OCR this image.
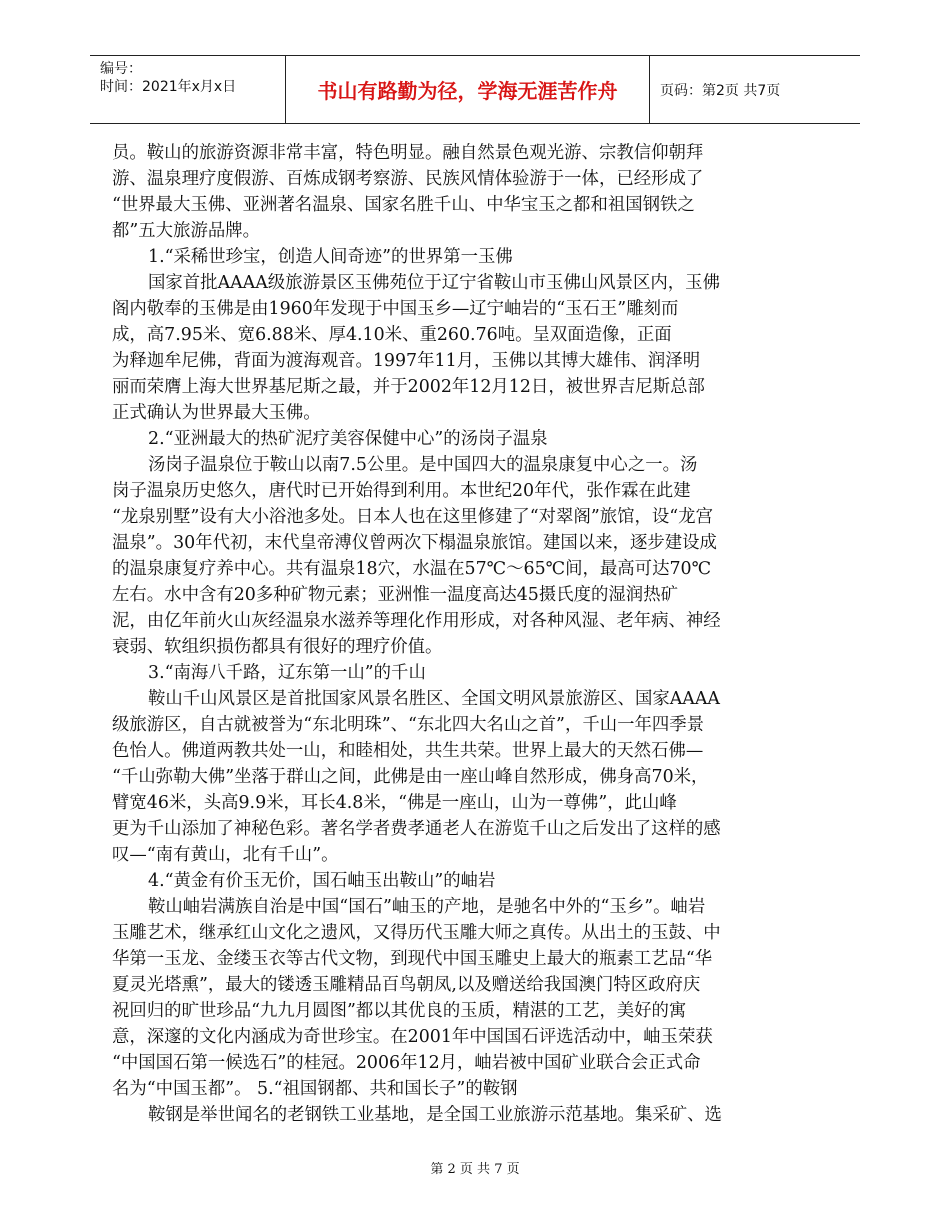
编号：
时间：2021年x月x日	书山有路勤为径，学海无涯苦作舟	页码：第2页 共7页

员。鞍山的旅游资源非常丰富，特色明显。融自然景色观光游、宗教信仰朝拜

游、温泉理疗度假游、百炼成钢考察游、民族风情体验游于一体，已经形成了

“世界最大玉佛、亚洲著名温泉、国家名胜千山、中华宝玉之都和祖国钢铁之

都”五大旅游品牌。

1.“采稀世珍宝，创造人间奇迹”的世界第一玉佛

国家首批AAAA级旅游景区玉佛苑位于辽宁省鞍山市玉佛山风景区内，玉佛

阁内敬奉的玉佛是由1960年发现于中国玉乡—辽宁岫岩的“玉石王”雕刻而

成，高7.95米、宽6.88米、厚4.10米、重260.76吨。呈双面造像，正面

为释迦牟尼佛，背面为渡海观音。1997年11月，玉佛以其博大雄伟、润泽明

丽而荣膺上海大世界基尼斯之最，并于2002年12月12日，被世界吉尼斯总部

正式确认为世界最大玉佛。

2.“亚洲最大的热矿泥疗美容保健中心”的汤岗子温泉

汤岗子温泉位于鞍山以南7.5公里。是中国四大的温泉康复中心之一。汤

岗子温泉历史悠久，唐代时已开始得到利用。本世纪20年代，张作霖在此建

“龙泉别墅”设有大小浴池多处。日本人也在这里修建了“对翠阁”旅馆，设“龙宫

温泉”。30年代初，末代皇帝溥仪曾两次下榻温泉旅馆。建国以来，逐步建设成

的温泉康复疗养中心。共有温泉18穴，水温在57℃～65℃间，最高可达70℃

左右。水中含有20多种矿物元素；亚洲惟一温度高达45摄氏度的湿润热矿

泥，由亿年前火山灰经温泉水滋养等理化作用形成，对各种风湿、老年病、神经

衰弱、软组织损伤都具有很好的理疗价值。

3.“南海八千路，辽东第一山”的千山

鞍山千山风景区是首批国家风景名胜区、全国文明风景旅游区、国家AAAA

级旅游区，自古就被誉为“东北明珠”、“东北四大名山之首”，千山一年四季景

色怡人。佛道两教共处一山，和睦相处，共生共荣。世界上最大的天然石佛—

“千山弥勒大佛”坐落于群山之间，此佛是由一座山峰自然形成，佛身高70米，

臂宽46米，头高9.9米，耳长4.8米，“佛是一座山，山为一尊佛”，此山峰

更为千山添加了神秘色彩。著名学者费孝通老人在游览千山之后发出了这样的感

叹—“南有黄山，北有千山”。

4.“黄金有价玉无价，国石岫玉出鞍山”的岫岩

鞍山岫岩满族自治是中国“国石”岫玉的产地，是驰名中外的“玉乡”。岫岩

玉雕艺术，继承红山文化之遗风，又得历代玉雕大师之真传。从出土的玉鼓、中

华第一玉龙、金缕玉衣等古代文物，到现代中国玉雕史上最大的瓶素工艺品“华

夏灵光塔熏”，最大的镂透玉雕精品百鸟朝凤,以及赠送给我国澳门特区政府庆

祝回归的旷世珍品“九九月圆图”都以其优良的玉质，精湛的工艺，美好的寓

意，深邃的文化内涵成为奇世珍宝。在2001年中国国石评选活动中，岫玉荣获

“中国国石第一候选石”的桂冠。2006年12月，岫岩被中国矿业联合会正式命

名为“中国玉都”。 5.“祖国钢都、共和国长子”的鞍钢

鞍钢是举世闻名的老钢铁工业基地，是全国工业旅游示范基地。集采矿、选

第 2 页 共 7 页
